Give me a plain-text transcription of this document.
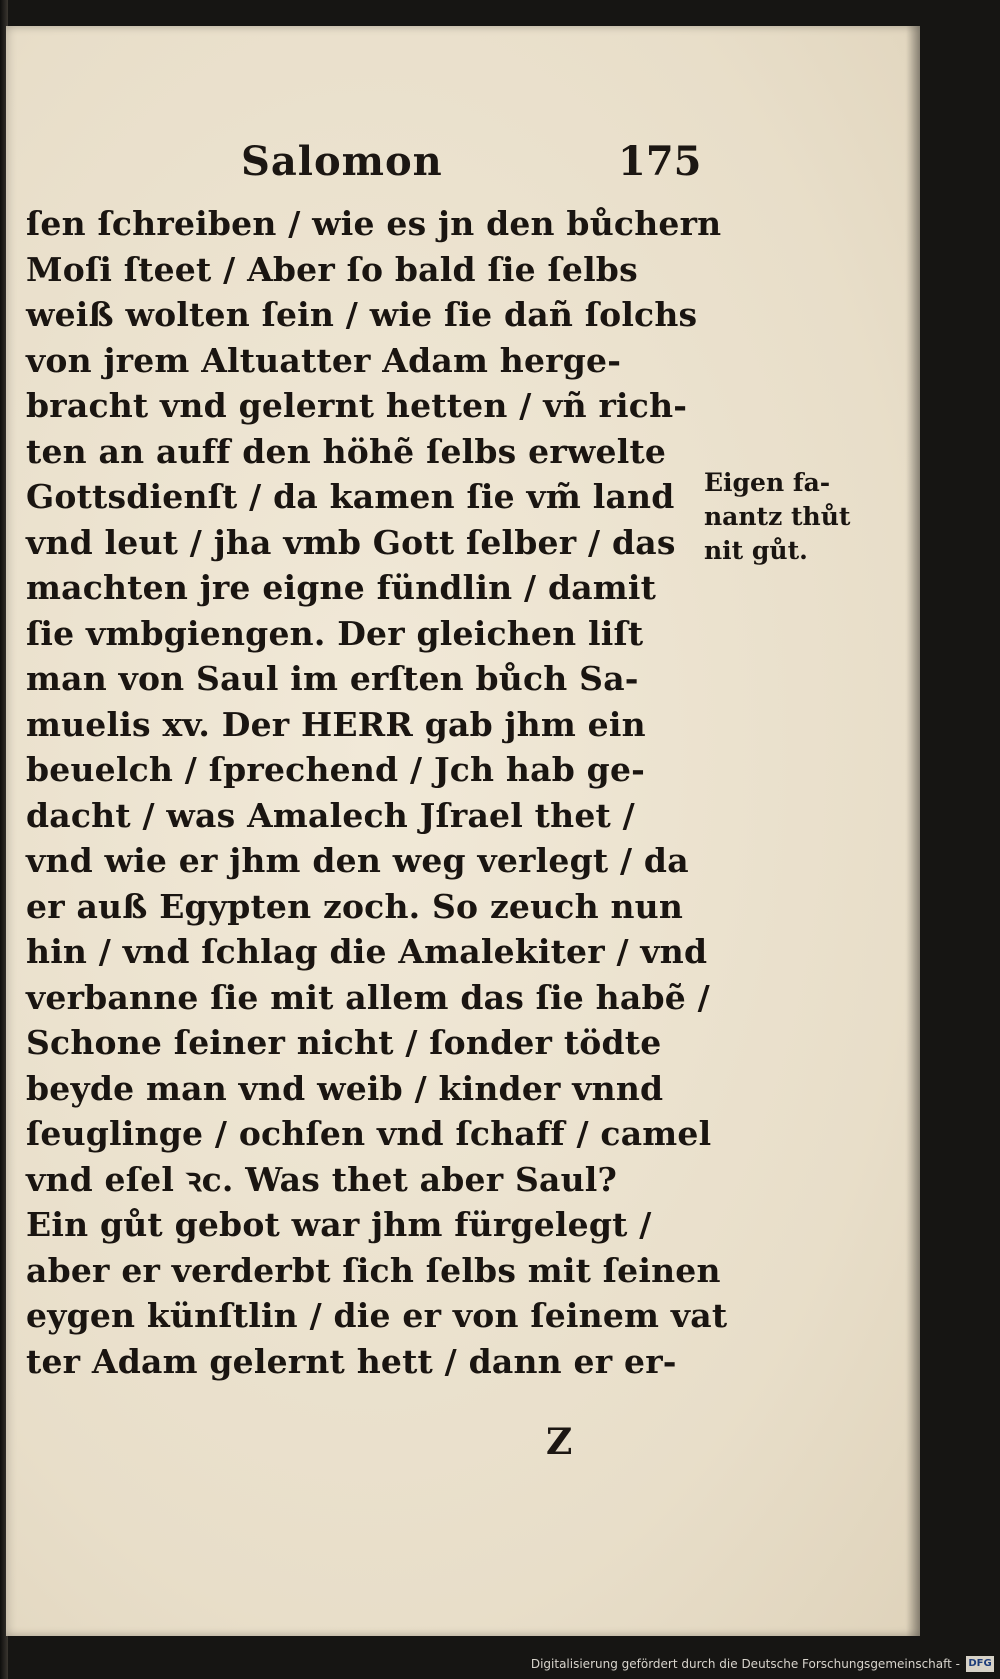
Salomon	175
ſen ſchreiben / wie es jn den bůchern
Moſi ſteet / Aber ſo bald ſie ſelbs
weiß wolten ſein / wie ſie dañ ſolchs
von jrem Altuatter Adam herge-
bracht vnd gelernt hetten / vñ rich-
ten an auff den höhẽ ſelbs erwelte
Gottsdienſt / da kamen ſie vm̃ land
vnd leut / jha vmb Gott ſelber / das
machten jre eigne fündlin / damit
ſie vmbgiengen. Der gleichen liſt
man von Saul im erſten bůch Sa-
muelis xv. Der HERR gab jhm ein
beuelch / ſprechend / Jch hab ge-
dacht / was Amalech Jſrael thet /
vnd wie er jhm den weg verlegt / da
er auß Egypten zoch. So zeuch nun
hin / vnd ſchlag die Amalekiter / vnd
verbanne ſie mit allem das ſie habẽ /
Schone ſeiner nicht / ſonder tödte
beyde man vnd weib / kinder vnnd
ſeuglinge / ochſen vnd ſchaff / camel
vnd eſel ꝛc. Was thet aber Saul?
Ein gůt gebot war jhm fürgelegt /
aber er verderbt ſich ſelbs mit ſeinen
eygen künſtlin / die er von ſeinem vat
ter Adam gelernt hett / dann er er-
Eigen fa-
nantz thůt
nit gůt.
Z
Digitalisierung gefördert durch die Deutsche Forschungsgemeinschaft - DFG
